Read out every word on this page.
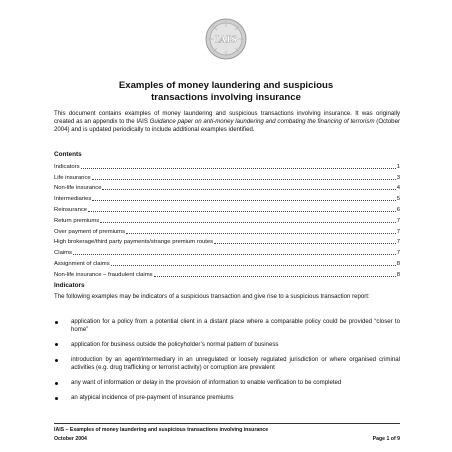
IAIS
Examples of money laundering and suspicious
transactions involving insurance
This document contains examples of money laundering and suspicious transactions involving insurance. It was originally created as an appendix to the IAIS Guidance paper on anti-money laundering and combating the financing of terrorism (October 2004) and is updated periodically to include additional examples identified.
Contents
Indicators	1
Life insurance	3
Non-life insurance	4
Intermediaries	5
Reinsurance	6
Return premiums	7
Over payment of premiums	7
High brokerage/third party payments/strange premium routes	7
Claims	7
Assignment of claims	8
Non-life insurance – fraudulent claims	8
Indicators
The following examples may be indicators of a suspicious transaction and give rise to a suspicious transaction report:
application for a policy from a potential client in a distant place where a comparable policy could be provided “closer to home”
application for business outside the policyholder’s normal pattern of business
introduction by an agent/intermediary in an unregulated or loosely regulated jurisdiction or where organised criminal activities (e.g. drug trafficking or terrorist activity) or corruption are prevalent
any want of information or delay in the provision of information to enable verification to be completed
an atypical incidence of pre-payment of insurance premiums
IAIS – Examples of money laundering and suspicious transactions involving insurance
October 2004	Page 1 of 9
